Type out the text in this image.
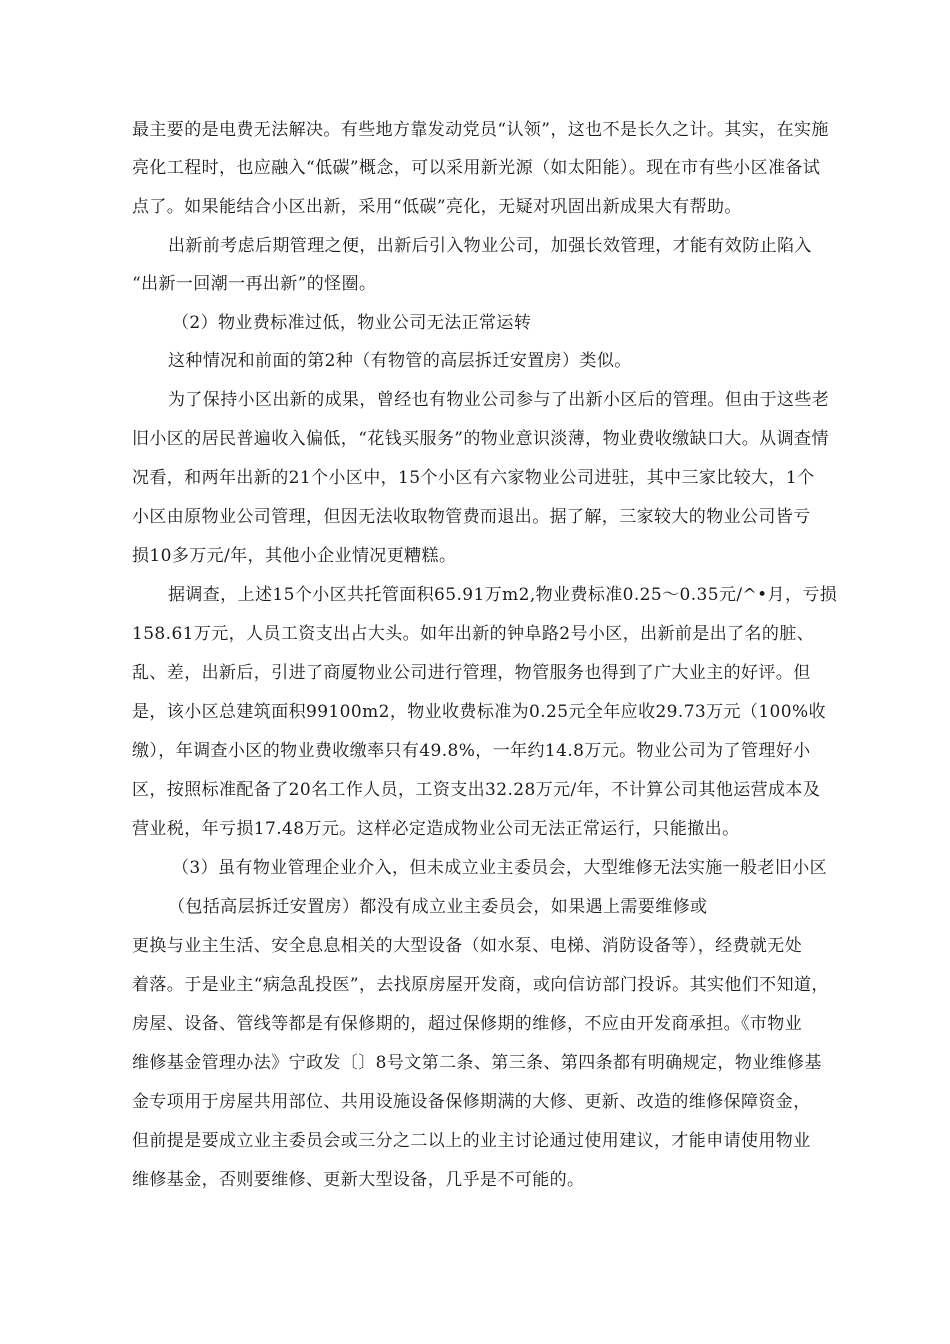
最主要的是电费无法解决。有些地方靠发动党员“认领”，这也不是长久之计。其实，在实施

亮化工程时，也应融入“低碳”概念，可以采用新光源（如太阳能）。现在市有些小区准备试

点了。如果能结合小区出新，采用“低碳”亮化，无疑对巩固出新成果大有帮助。

出新前考虑后期管理之便，出新后引入物业公司，加强长效管理，才能有效防止陷入

“出新一回潮一再出新”的怪圈。

（2）物业费标准过低，物业公司无法正常运转

这种情况和前面的第2种（有物管的高层拆迁安置房）类似。

为了保持小区出新的成果，曾经也有物业公司参与了出新小区后的管理。但由于这些老

旧小区的居民普遍收入偏低，“花钱买服务”的物业意识淡薄，物业费收缴缺口大。从调查情

况看，和两年出新的21个小区中，15个小区有六家物业公司进驻，其中三家比较大，1个

小区由原物业公司管理，但因无法收取物管费而退出。据了解，三家较大的物业公司皆亏

损10多万元/年，其他小企业情况更糟糕。

据调查，上述15个小区共托管面积65.91万m2,物业费标准0.25〜0.35元/^•月，亏损

158.61万元，人员工资支出占大头。如年出新的钟阜路2号小区，出新前是出了名的脏、

乱、差，出新后，引进了商厦物业公司进行管理，物管服务也得到了广大业主的好评。但

是，该小区总建筑面积99100m2，物业收费标准为0.25元全年应收29.73万元（100%收

缴），年调查小区的物业费收缴率只有49.8%，一年约14.8万元。物业公司为了管理好小

区，按照标准配备了20名工作人员，工资支出32.28万元/年，不计算公司其他运营成本及

营业税，年亏损17.48万元。这样必定造成物业公司无法正常运行，只能撤出。

（3）虽有物业管理企业介入，但未成立业主委员会，大型维修无法实施一般老旧小区

（包括高层拆迁安置房）都没有成立业主委员会，如果遇上需要维修或

更换与业主生活、安全息息相关的大型设备（如水泵、电梯、消防设备等），经费就无处

着落。于是业主“病急乱投医”，去找原房屋开发商，或向信访部门投诉。其实他们不知道，

房屋、设备、管线等都是有保修期的，超过保修期的维修，不应由开发商承担。《市物业

维修基金管理办法》宁政发〔〕8号文第二条、第三条、第四条都有明确规定，物业维修基

金专项用于房屋共用部位、共用设施设备保修期满的大修、更新、改造的维修保障资金，

但前提是要成立业主委员会或三分之二以上的业主讨论通过使用建议，才能申请使用物业

维修基金，否则要维修、更新大型设备，几乎是不可能的。
